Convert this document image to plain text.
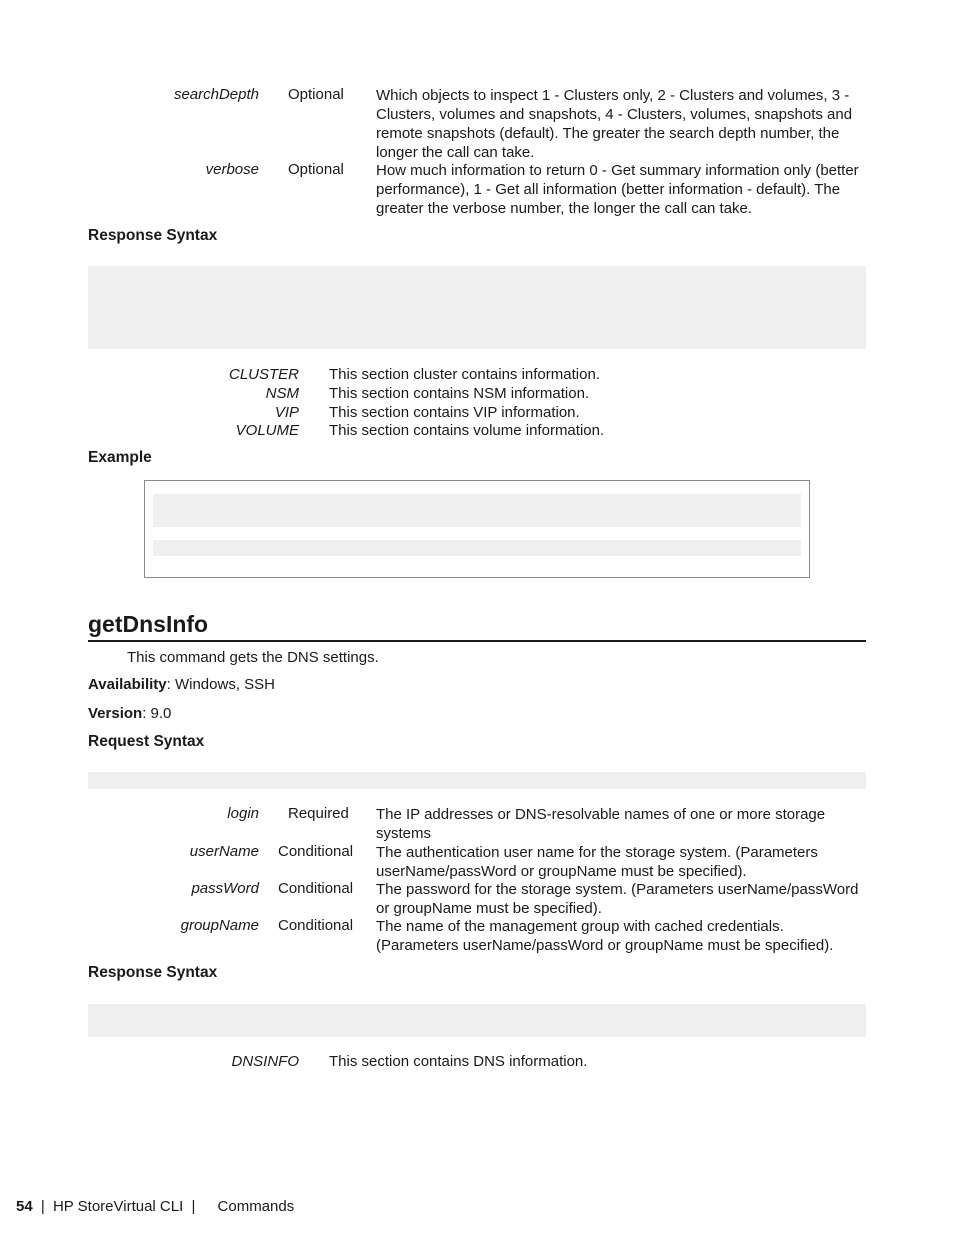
searchDepth Optional Which objects to inspect 1 - Clusters only, 2 - Clusters and volumes, 3 - Clusters, volumes and snapshots, 4 - Clusters, volumes, snapshots and remote snapshots (default). The greater the search depth number, the longer the call can take.
verbose Optional How much information to return 0 - Get summary information only (better performance), 1 - Get all information (better information - default). The greater the verbose number, the longer the call can take.
Response Syntax
CLUSTER This section cluster contains information.
NSM This section contains NSM information.
VIP This section contains VIP information.
VOLUME This section contains volume information.
Example
getDnsInfo
This command gets the DNS settings.
Availability: Windows, SSH
Version: 9.0
Request Syntax
login Required The IP addresses or DNS-resolvable names of one or more storage systems
userName Conditional The authentication user name for the storage system. (Parameters userName/passWord or groupName must be specified).
passWord Conditional The password for the storage system. (Parameters userName/passWord or groupName must be specified).
groupName Conditional The name of the management group with cached credentials. (Parameters userName/passWord or groupName must be specified).
Response Syntax
DNSINFO This section contains DNS information.
54 | HP StoreVirtual CLI | Commands
